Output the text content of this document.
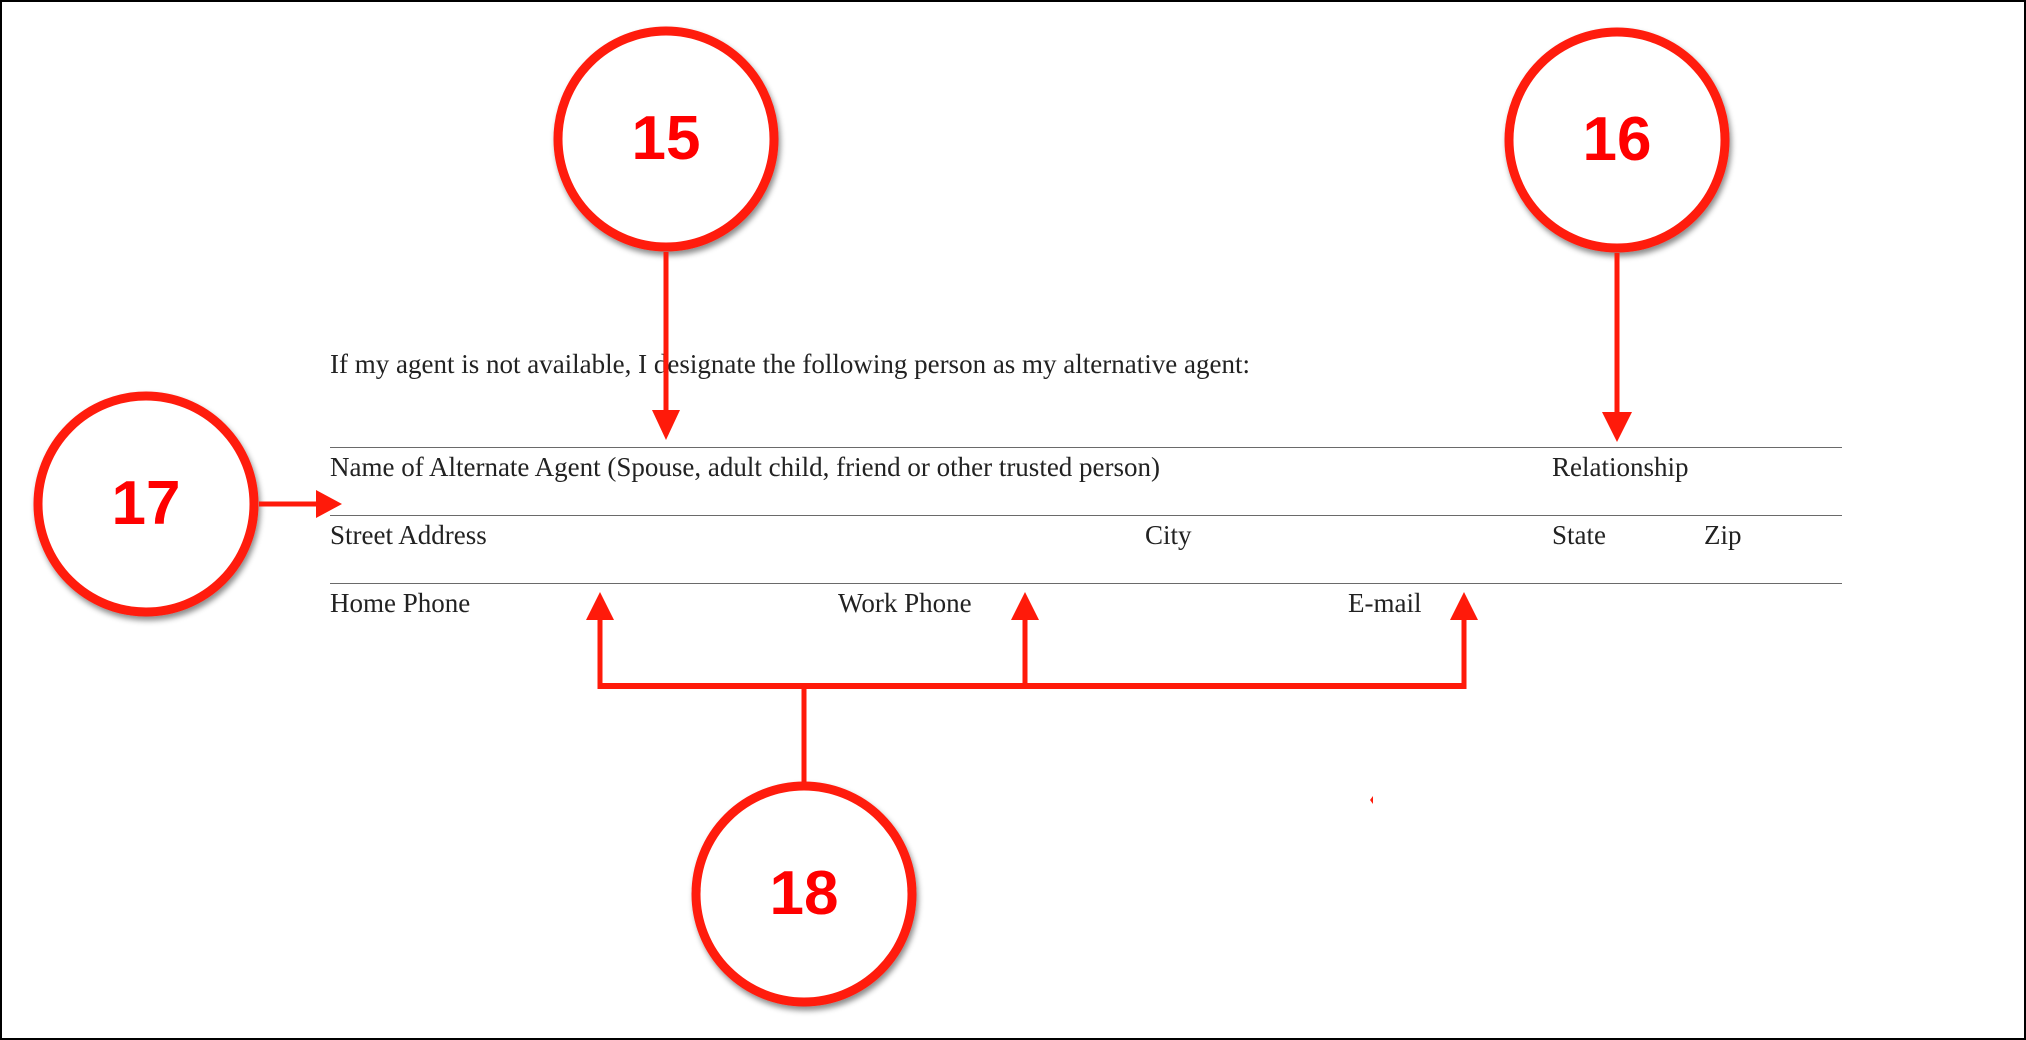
If my agent is not available, I designate the following person as my alternative agent:
Name of Alternate Agent (Spouse, adult child, friend or other trusted person)	Relationship
Street Address	City	State	Zip
Home Phone	Work Phone	E-mail
15	16
17
18
